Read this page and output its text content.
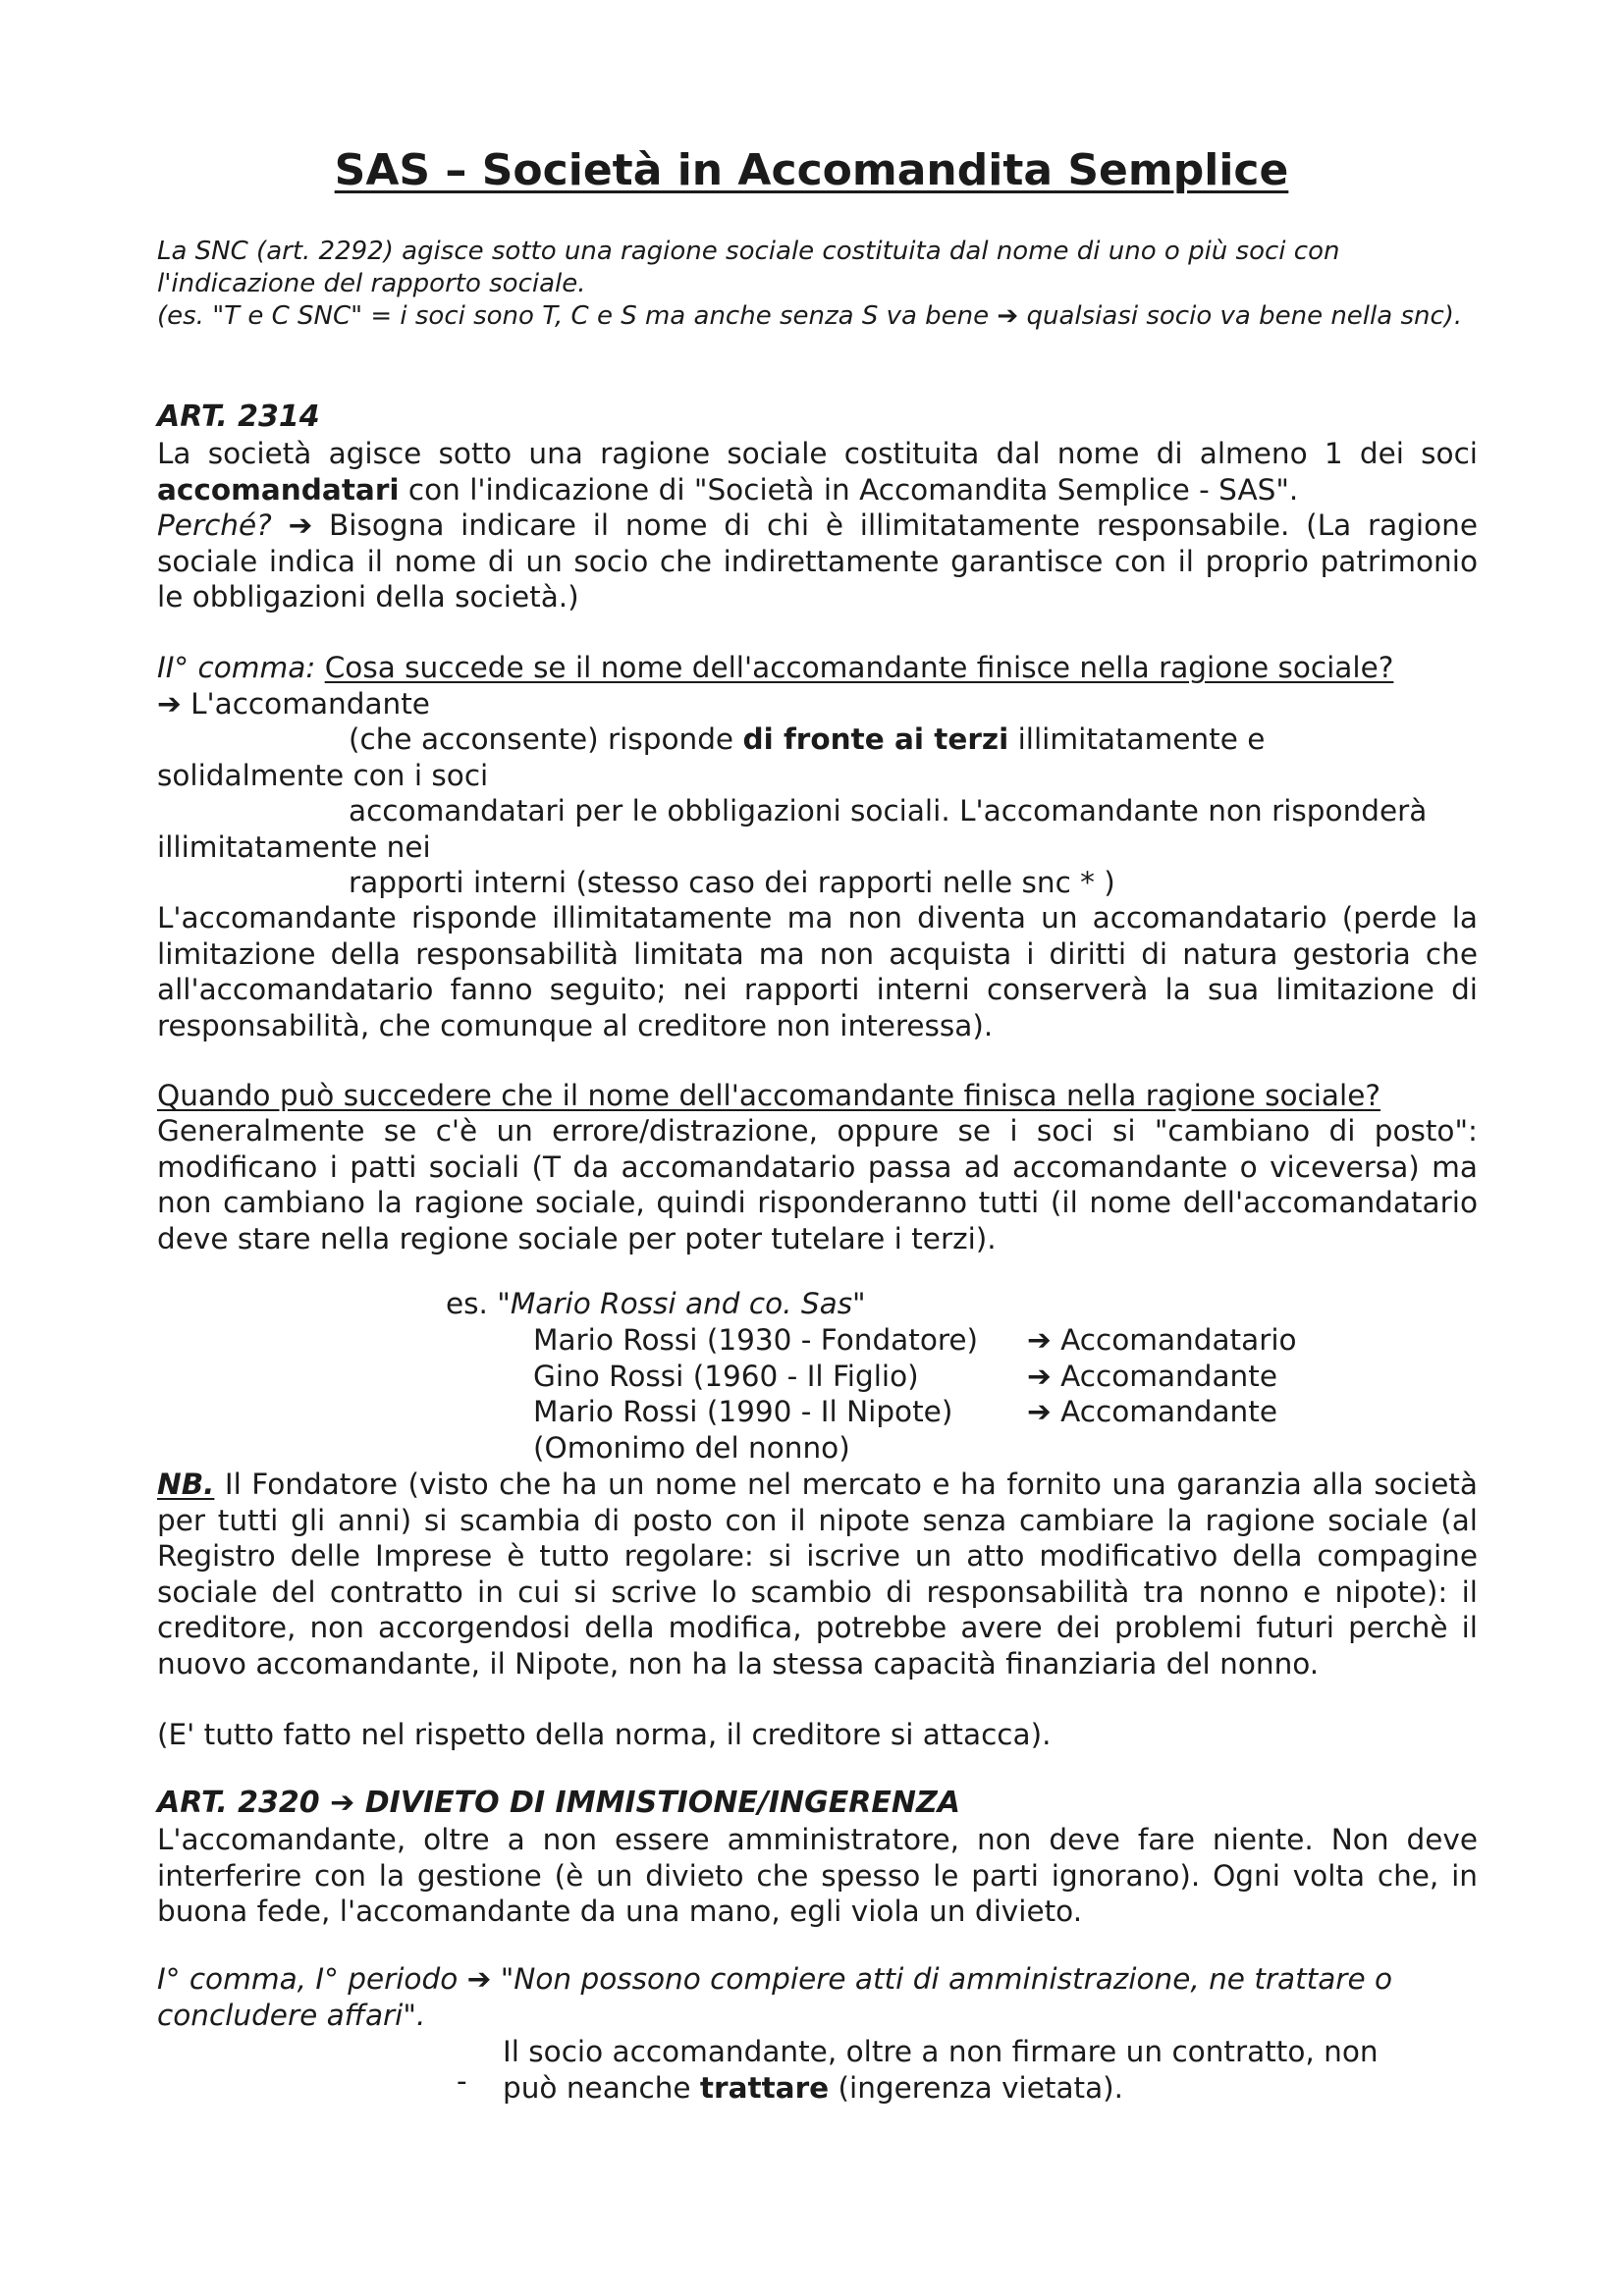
SAS – Società in Accomandita Semplice

La SNC (art. 2292) agisce sotto una ragione sociale costituita dal nome di uno o più soci con l'indicazione del rapporto sociale.
(es. "T e C SNC" = i soci sono T, C e S ma anche senza S va bene ➔ qualsiasi socio va bene nella snc).

ART. 2314

La società agisce sotto una ragione sociale costituita dal nome di almeno 1 dei soci accomandatari con l'indicazione di "Società in Accomandita Semplice - SAS".
Perché? ➔ Bisogna indicare il nome di chi è illimitatamente responsabile. (La ragione sociale indica il nome di un socio che indirettamente garantisce con il proprio patrimonio le obbligazioni della società.)

II° comma: Cosa succede se il nome dell'accomandante finisce nella ragione sociale?

➔ L'accomandante

(che acconsente) risponde di fronte ai terzi illimitatamente e

solidalmente con i soci

accomandatari per le obbligazioni sociali. L'accomandante non risponderà

illimitatamente nei

rapporti interni (stesso caso dei rapporti nelle snc * )

L'accomandante risponde illimitatamente ma non diventa un accomandatario (perde la limitazione della responsabilità limitata ma non acquista i diritti di natura gestoria che all'accomandatario fanno seguito; nei rapporti interni conserverà la sua limitazione di responsabilità, che comunque al creditore non interessa).

Quando può succedere che il nome dell'accomandante finisca nella ragione sociale?

Generalmente se c'è un errore/distrazione, oppure se i soci si "cambiano di posto": modificano i patti sociali (T da accomandatario passa ad accomandante o viceversa) ma non cambiano la ragione sociale, quindi risponderanno tutti (il nome dell'accomandatario deve stare nella regione sociale per poter tutelare i terzi).

es. "Mario Rossi and co. Sas"

Mario Rossi (1930 - Fondatore) ➔ Accomandatario

Gino Rossi (1960 - Il Figlio)	➔ Accomandante

Mario Rossi (1990 - Il Nipote)	➔ Accomandante

(Omonimo del nonno)

NB. Il Fondatore (visto che ha un nome nel mercato e ha fornito una garanzia alla società per tutti gli anni) si scambia di posto con il nipote senza cambiare la ragione sociale (al Registro delle Imprese è tutto regolare: si iscrive un atto modificativo della compagine sociale del contratto in cui si scrive lo scambio di responsabilità tra nonno e nipote): il creditore, non accorgendosi della modifica, potrebbe avere dei problemi futuri perchè il nuovo accomandante, il Nipote, non ha la stessa capacità finanziaria del nonno.

(E' tutto fatto nel rispetto della norma, il creditore si attacca).

ART. 2320 ➔ DIVIETO DI IMMISTIONE/INGERENZA

L'accomandante, oltre a non essere amministratore, non deve fare niente. Non deve interferire con la gestione (è un divieto che spesso le parti ignorano). Ogni volta che, in buona fede, l'accomandante da una mano, egli viola un divieto.

I° comma, I° periodo ➔ "Non possono compiere atti di amministrazione, ne trattare o concludere affari".

-

Il socio accomandante, oltre a non firmare un contratto, non può neanche trattare (ingerenza vietata).
